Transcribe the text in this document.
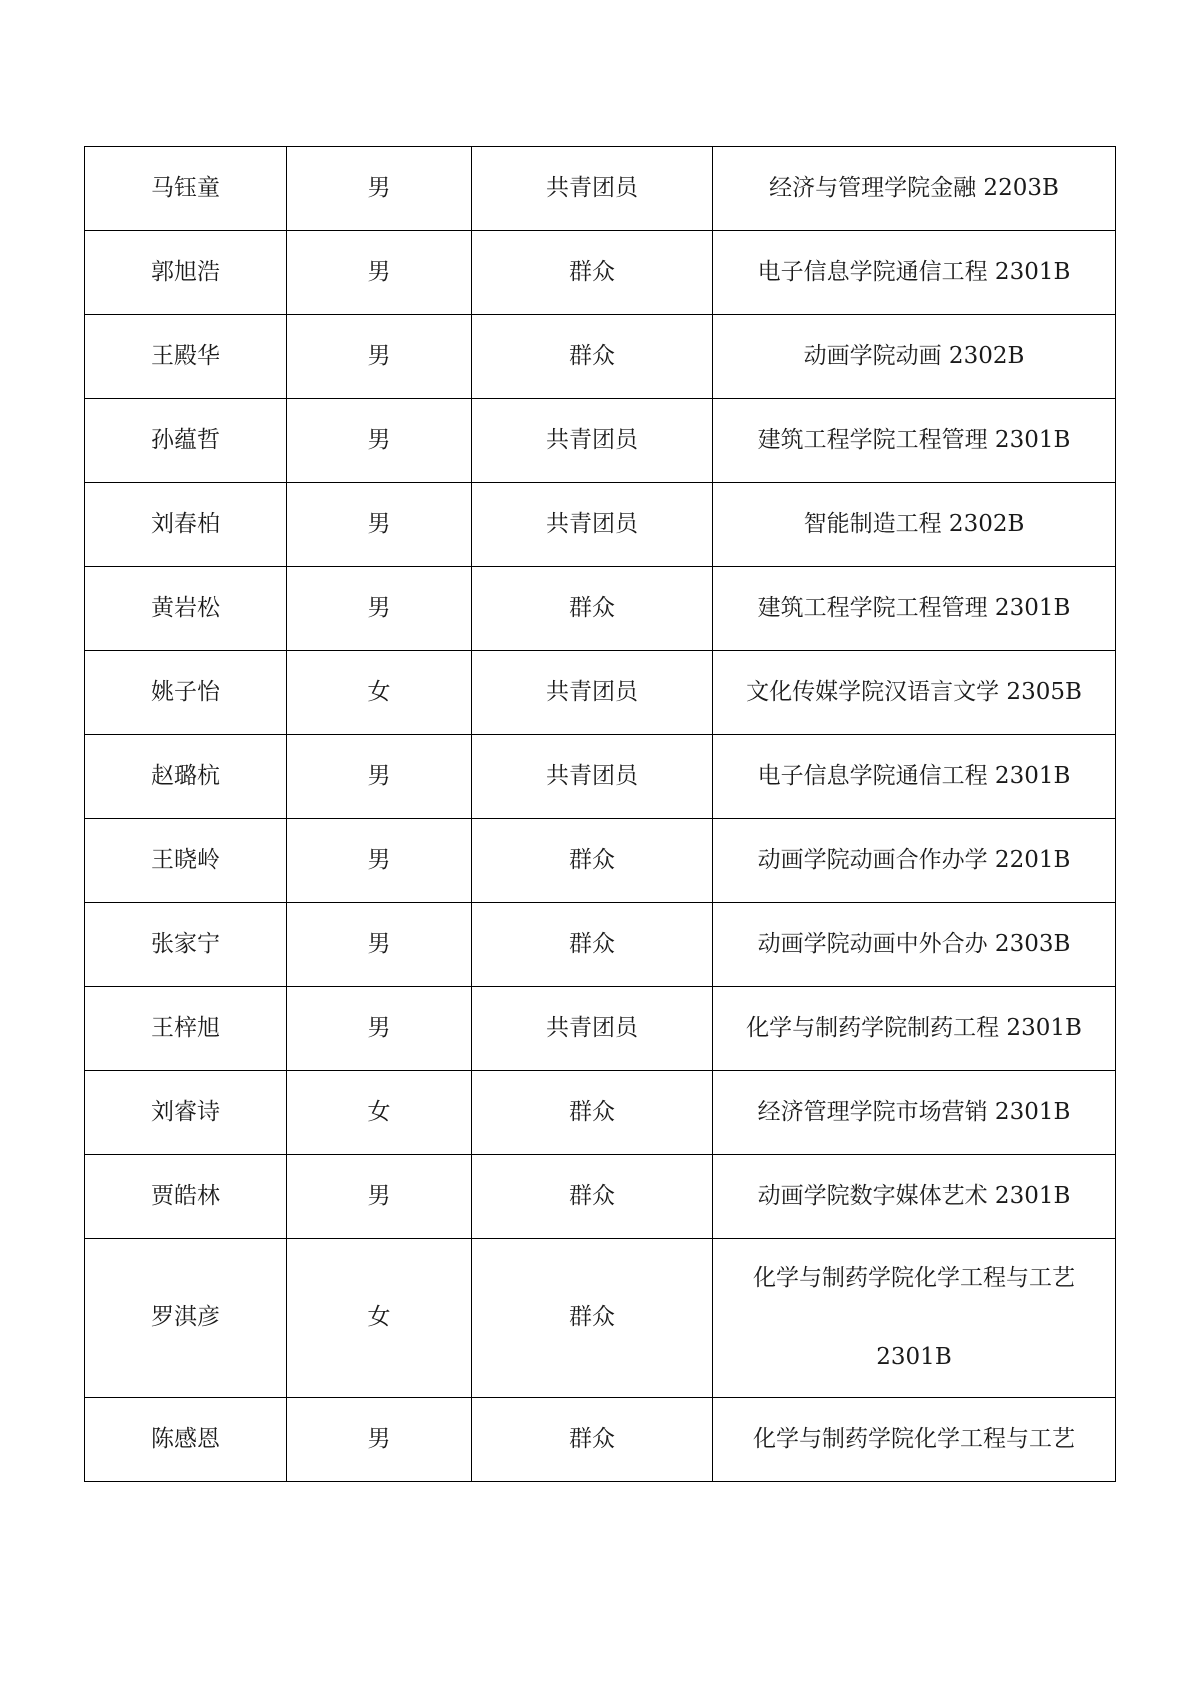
马钰童	男	共青团员	经济与管理学院金融 2203B
郭旭浩	男	群众	电子信息学院通信工程 2301B
王殿华	男	群众	动画学院动画 2302B
孙蕴哲	男	共青团员	建筑工程学院工程管理 2301B
刘春柏	男	共青团员	智能制造工程 2302B
黄岩松	男	群众	建筑工程学院工程管理 2301B
姚子怡	女	共青团员	文化传媒学院汉语言文学 2305B
赵璐杭	男	共青团员	电子信息学院通信工程 2301B
王晓岭	男	群众	动画学院动画合作办学 2201B
张家宁	男	群众	动画学院动画中外合办 2303B
王梓旭	男	共青团员	化学与制药学院制药工程 2301B
刘睿诗	女	群众	经济管理学院市场营销 2301B
贾皓林	男	群众	动画学院数字媒体艺术 2301B
罗淇彦	女	群众	化学与制药学院化学工程与工艺
2301B

陈感恩	男	群众	化学与制药学院化学工程与工艺
